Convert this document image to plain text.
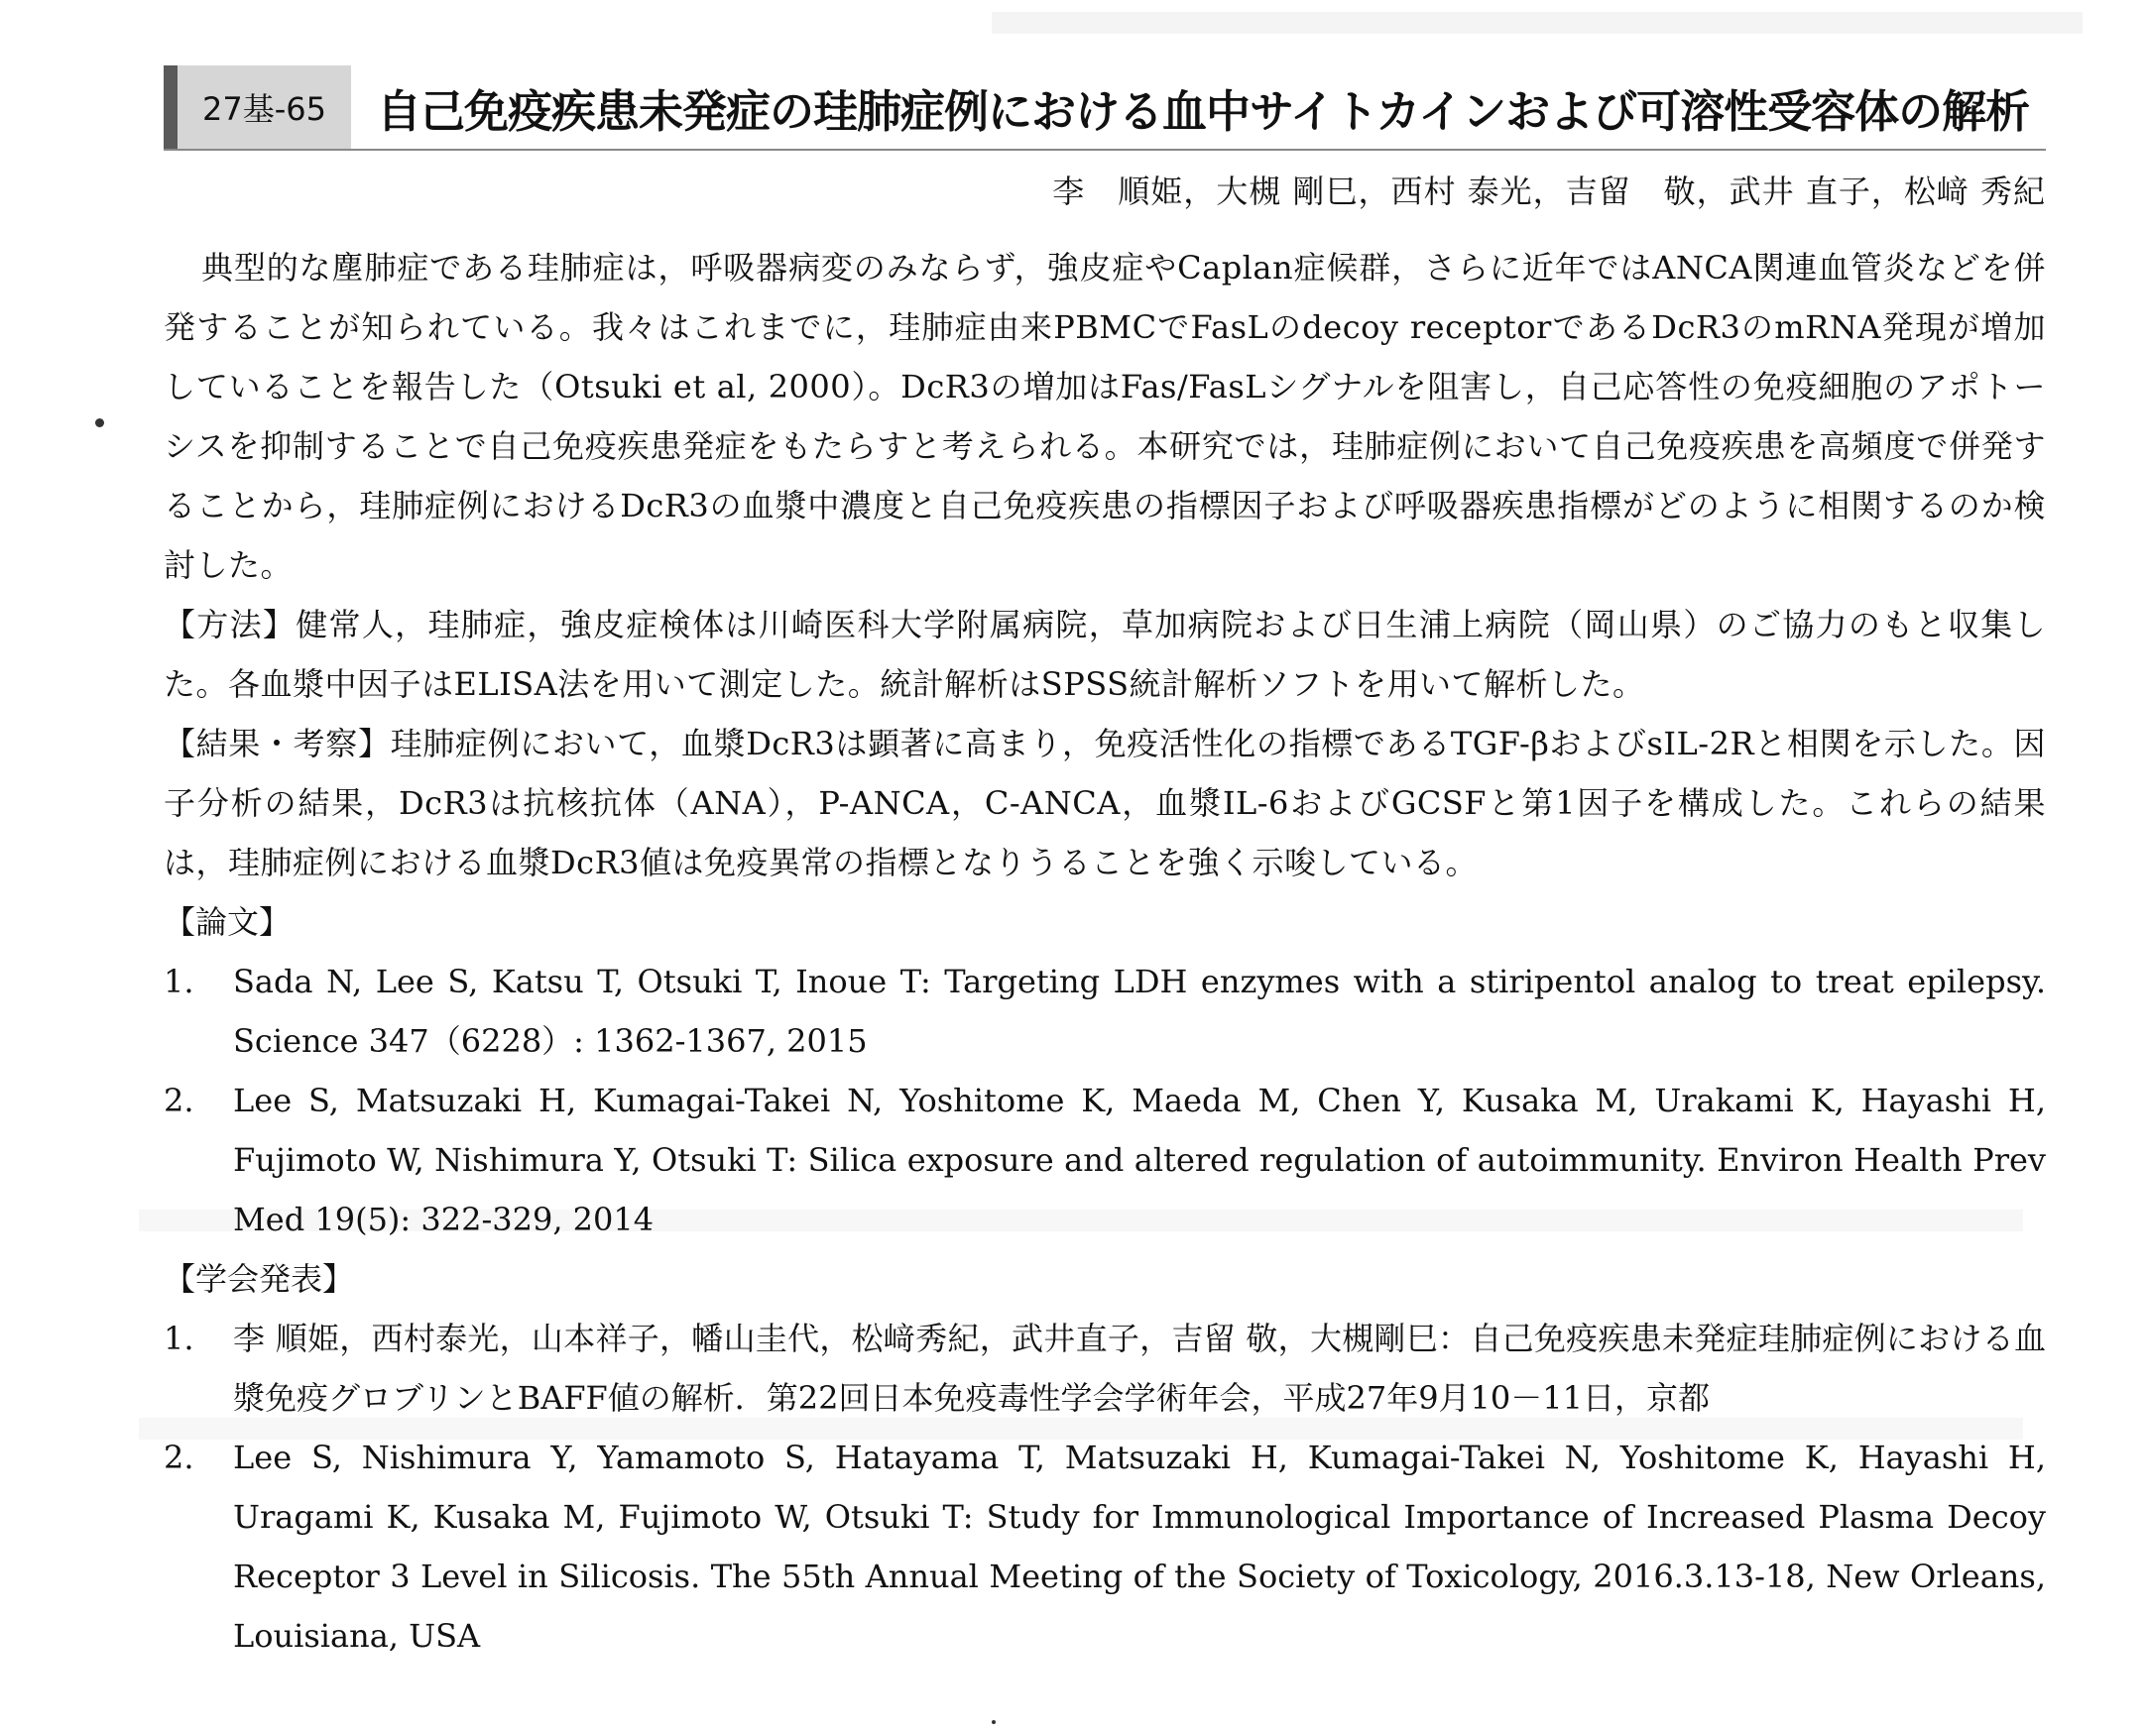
27基-65	自己免疫疾患未発症の珪肺症例における血中サイトカインおよび可溶性受容体の解析
李　順姫，大槻 剛巳，西村 泰光，吉留　敬，武井 直子，松﨑 秀紀

典型的な塵肺症である珪肺症は，呼吸器病変のみならず，強皮症やCaplan症候群，さらに近年ではANCA関連血管炎などを併発することが知られている。我々はこれまでに，珪肺症由来PBMCでFasLのdecoy receptorであるDcR3のmRNA発現が増加していることを報告した（Otsuki et al, 2000）。DcR3の増加はFas/FasLシグナルを阻害し，自己応答性の免疫細胞のアポトーシスを抑制することで自己免疫疾患発症をもたらすと考えられる。本研究では，珪肺症例において自己免疫疾患を高頻度で併発することから，珪肺症例におけるDcR3の血漿中濃度と自己免疫疾患の指標因子および呼吸器疾患指標がどのように相関するのか検討した。

【方法】健常人，珪肺症，強皮症検体は川崎医科大学附属病院，草加病院および日生浦上病院（岡山県）のご協力のもと収集した。各血漿中因子はELISA法を用いて測定した。統計解析はSPSS統計解析ソフトを用いて解析した。

【結果・考察】珪肺症例において，血漿DcR3は顕著に高まり，免疫活性化の指標であるTGF-βおよびsIL-2Rと相関を示した。因子分析の結果，DcR3は抗核抗体（ANA），P-ANCA，C-ANCA，血漿IL-6およびGCSFと第1因子を構成した。これらの結果は，珪肺症例における血漿DcR3値は免疫異常の指標となりうることを強く示唆している。

【論文】

1.	Sada N, Lee S, Katsu T, Otsuki T, Inoue T: Targeting LDH enzymes with a stiripentol analog to treat epilepsy. Science 347（6228）: 1362-1367, 2015
2.	Lee S, Matsuzaki H, Kumagai-Takei N, Yoshitome K, Maeda M, Chen Y, Kusaka M, Urakami K, Hayashi H, Fujimoto W, Nishimura Y, Otsuki T: Silica exposure and altered regulation of autoimmunity. Environ Health Prev Med 19(5): 322-329, 2014

【学会発表】

1.	李 順姫，西村泰光，山本祥子，幡山圭代，松﨑秀紀，武井直子，吉留 敬，大槻剛巳：自己免疫疾患未発症珪肺症例における血漿免疫グロブリンとBAFF値の解析．第22回日本免疫毒性学会学術年会，平成27年9月10－11日，京都
2.	Lee S, Nishimura Y, Yamamoto S, Hatayama T, Matsuzaki H, Kumagai-Takei N, Yoshitome K, Hayashi H, Uragami K, Kusaka M, Fujimoto W, Otsuki T: Study for Immunological Importance of Increased Plasma Decoy Receptor 3 Level in Silicosis. The 55th Annual Meeting of the Society of Toxicology, 2016.3.13-18, New Orleans, Louisiana, USA
